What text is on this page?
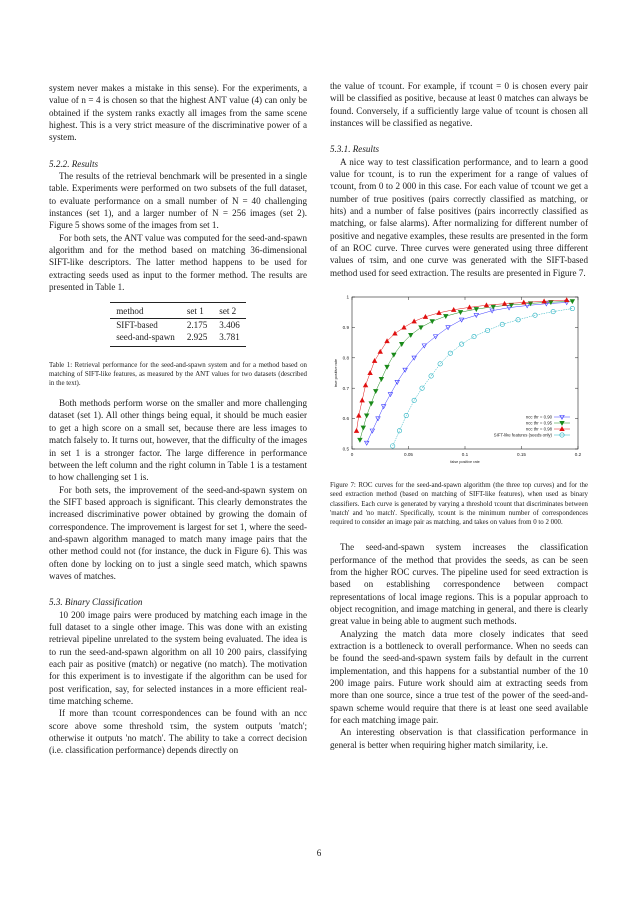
system never makes a mistake in this sense). For the experiments, a value of n = 4 is chosen so that the highest ANT value (4) can only be obtained if the system ranks exactly all images from the same scene highest. This is a very strict measure of the discriminative power of a system.

5.2.2. Results

The results of the retrieval benchmark will be presented in a single table. Experiments were performed on two subsets of the full dataset, to evaluate performance on a small number of N = 40 challenging instances (set 1), and a larger number of N = 256 images (set 2). Figure 5 shows some of the images from set 1.

For both sets, the ANT value was computed for the seed-and-spawn algorithm and for the method based on matching 36-dimensional SIFT-like descriptors. The latter method happens to be used for extracting seeds used as input to the former method. The results are presented in Table 1.

method	set 1	set 2
SIFT-based	2.175	3.406
seed-and-spawn	2.925	3.781

Table 1: Retrieval performance for the seed-and-spawn system and for a method based on matching of SIFT-like features, as measured by the ANT values for two datasets (described in the text).

Both methods perform worse on the smaller and more challenging dataset (set 1). All other things being equal, it should be much easier to get a high score on a small set, because there are less images to match falsely to. It turns out, however, that the difficulty of the images in set 1 is a stronger factor. The large difference in performance between the left column and the right column in Table 1 is a testament to how challenging set 1 is.

For both sets, the improvement of the seed-and-spawn system on the SIFT based approach is significant. This clearly demonstrates the increased discriminative power obtained by growing the domain of correspondence. The improvement is largest for set 1, where the seed-and-spawn algorithm managed to match many image pairs that the other method could not (for instance, the duck in Figure 6). This was often done by locking on to just a single seed match, which spawns waves of matches.

5.3. Binary Classification

10 200 image pairs were produced by matching each image in the full dataset to a single other image. This was done with an existing retrieval pipeline unrelated to the system being evaluated. The idea is to run the seed-and-spawn algorithm on all 10 200 pairs, classifying each pair as positive (match) or negative (no match). The motivation for this experiment is to investigate if the algorithm can be used for post verification, say, for selected instances in a more efficient real-time matching scheme.

If more than τcount correspondences can be found with an ncc score above some threshold τsim, the system outputs 'match'; otherwise it outputs 'no match'. The ability to take a correct decision (i.e. classification performance) depends directly on

the value of τcount. For example, if τcount = 0 is chosen every pair will be classified as positive, because at least 0 matches can always be found. Conversely, if a sufficiently large value of τcount is chosen all instances will be classified as negative.

5.3.1. Results

A nice way to test classification performance, and to learn a good value for τcount, is to run the experiment for a range of values of τcount, from 0 to 2 000 in this case. For each value of τcount we get a number of true positives (pairs correctly classified as matching, or hits) and a number of false positives (pairs incorrectly classified as matching, or false alarms). After normalizing for different number of positive and negative examples, these results are presented in the form of an ROC curve. Three curves were generated using three different values of τsim, and one curve was generated with the SIFT-based method used for seed extraction. The results are presented in Figure 7.

0	0.05	0.1	0.15	0.2
0.5
0.6
0.7
0.8
0.9
1
false positive rate
true positive rate
ncc thr = 0.90
ncc thr = 0.95
ncc thr = 0.98
SIFT-like features (seeds only)

Figure 7: ROC curves for the seed-and-spawn algorithm (the three top curves) and for the seed extraction method (based on matching of SIFT-like features), when used as binary classifiers. Each curve is generated by varying a threshold τcount that discriminates between 'match' and 'no match'. Specifically, τcount is the minimum number of correspondences required to consider an image pair as matching, and takes on values from 0 to 2 000.

The seed-and-spawn system increases the classification performance of the method that provides the seeds, as can be seen from the higher ROC curves. The pipeline used for seed extraction is based on establishing correspondence between compact representations of local image regions. This is a popular approach to object recognition, and image matching in general, and there is clearly great value in being able to augment such methods.

Analyzing the match data more closely indicates that seed extraction is a bottleneck to overall performance. When no seeds can be found the seed-and-spawn system fails by default in the current implementation, and this happens for a substantial number of the 10 200 image pairs. Future work should aim at extracting seeds from more than one source, since a true test of the power of the seed-and-spawn scheme would require that there is at least one seed available for each matching image pair.

An interesting observation is that classification performance in general is better when requiring higher match similarity, i.e.

6
